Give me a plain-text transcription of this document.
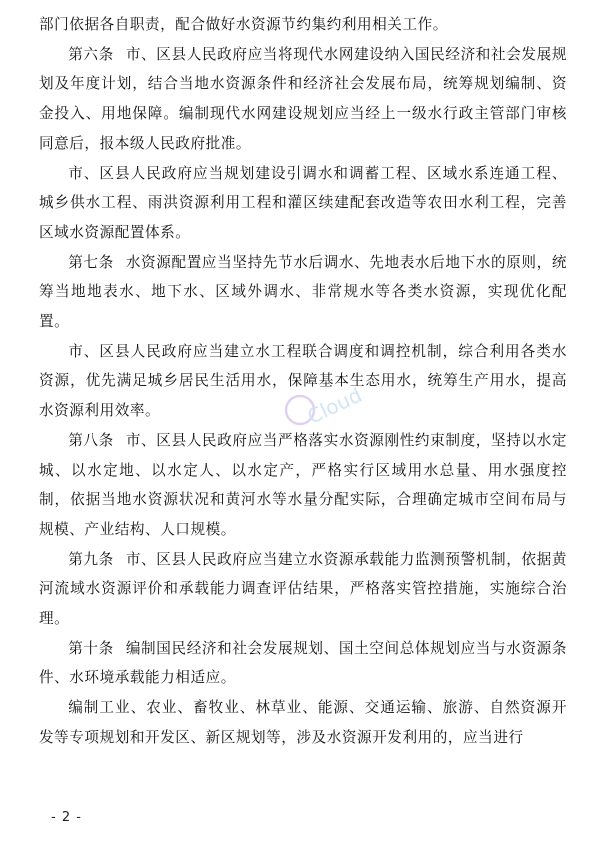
部门依据各自职责，配合做好水资源节约集约利用相关工作。

第六条 市、区县人民政府应当将现代水网建设纳入国民经济和社会发展规划及年度计划，结合当地水资源条件和经济社会发展布局，统筹规划编制、资金投入、用地保障。编制现代水网建设规划应当经上一级水行政主管部门审核同意后，报本级人民政府批准。

市、区县人民政府应当规划建设引调水和调蓄工程、区域水系连通工程、城乡供水工程、雨洪资源利用工程和灌区续建配套改造等农田水利工程，完善区域水资源配置体系。

第七条 水资源配置应当坚持先节水后调水、先地表水后地下水的原则，统筹当地地表水、地下水、区域外调水、非常规水等各类水资源，实现优化配置。

市、区县人民政府应当建立水工程联合调度和调控机制，综合利用各类水资源，优先满足城乡居民生活用水，保障基本生态用水，统筹生产用水，提高水资源利用效率。

第八条 市、区县人民政府应当严格落实水资源刚性约束制度，坚持以水定城、以水定地、以水定人、以水定产，严格实行区域用水总量、用水强度控制，依据当地水资源状况和黄河水等水量分配实际，合理确定城市空间布局与规模、产业结构、人口规模。

第九条 市、区县人民政府应当建立水资源承载能力监测预警机制，依据黄河流域水资源评价和承载能力调查评估结果，严格落实管控措施，实施综合治理。

第十条 编制国民经济和社会发展规划、国土空间总体规划应当与水资源条件、水环境承载能力相适应。

编制工业、农业、畜牧业、林草业、能源、交通运输、旅游、自然资源开发等专项规划和开发区、新区规划等，涉及水资源开发利用的，应当进行

Cloud
- 2 -
